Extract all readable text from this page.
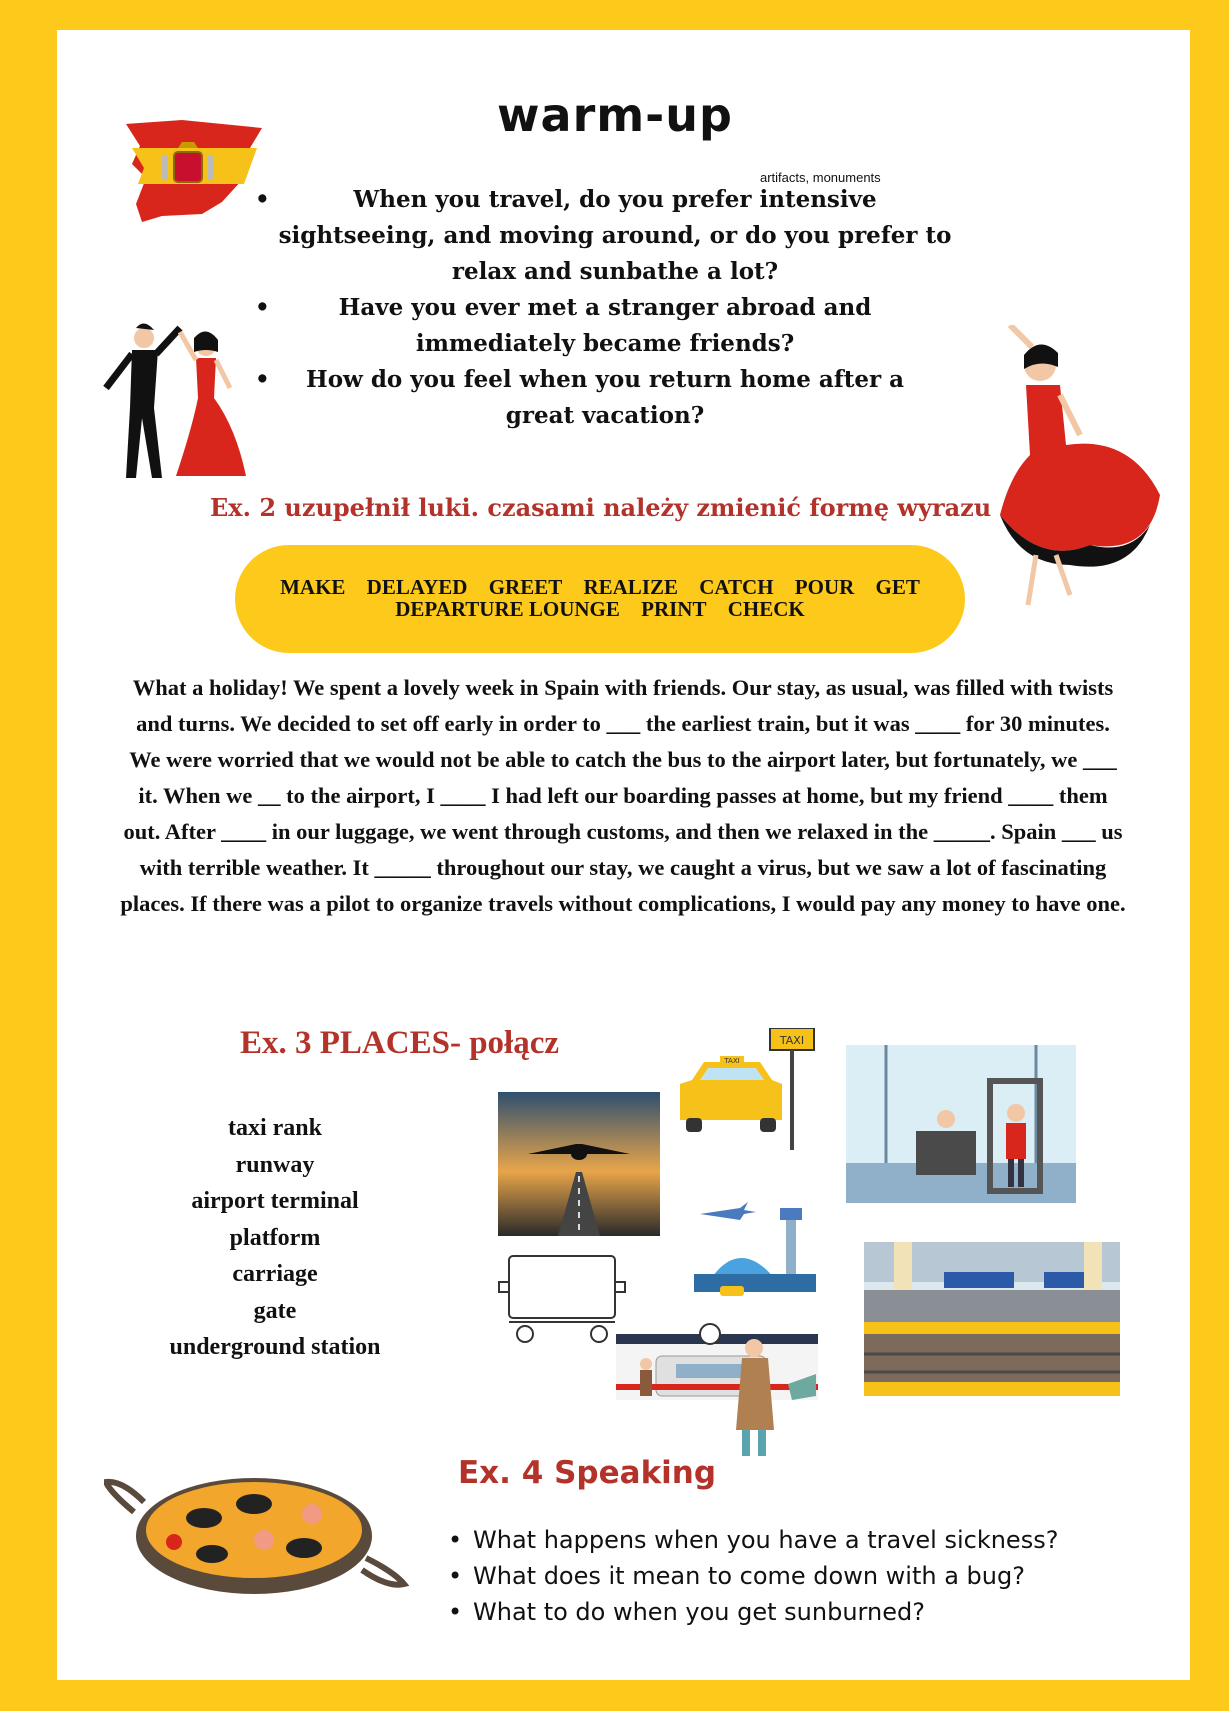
warm-up
artifacts, monuments
• When you travel, do you prefer intensive sightseeing, and moving around, or do you prefer to relax and sunbathe a lot?
• Have you ever met a stranger abroad and immediately became friends?
• How do you feel when you return home after a great vacation?
Ex. 2 uzupełnił luki. czasami należy zmienić formę wyrazu
MAKE DELAYED GREET REALIZE CATCH POUR GET
DEPARTURE LOUNGE PRINT CHECK
What a holiday! We spent a lovely week in Spain with friends. Our stay, as usual, was filled with twists and turns. We decided to set off early in order to ___ the earliest train, but it was ____ for 30 minutes. We were worried that we would not be able to catch the bus to the airport later, but fortunately, we ___ it. When we __ to the airport, I ____ I had left our boarding passes at home, but my friend ____ them out. After ____ in our luggage, we went through customs, and then we relaxed in the _____. Spain ___ us with terrible weather. It _____ throughout our stay, we caught a virus, but we saw a lot of fascinating places. If there was a pilot to organize travels without complications, I would pay any money to have one.
Ex. 3 PLACES- połącz
taxi rank
runway
airport terminal
platform
carriage
gate
underground station
TAXI
TAXI
Ex. 4 Speaking
• What happens when you have a travel sickness?
• What does it mean to come down with a bug?
• What to do when you get sunburned?
